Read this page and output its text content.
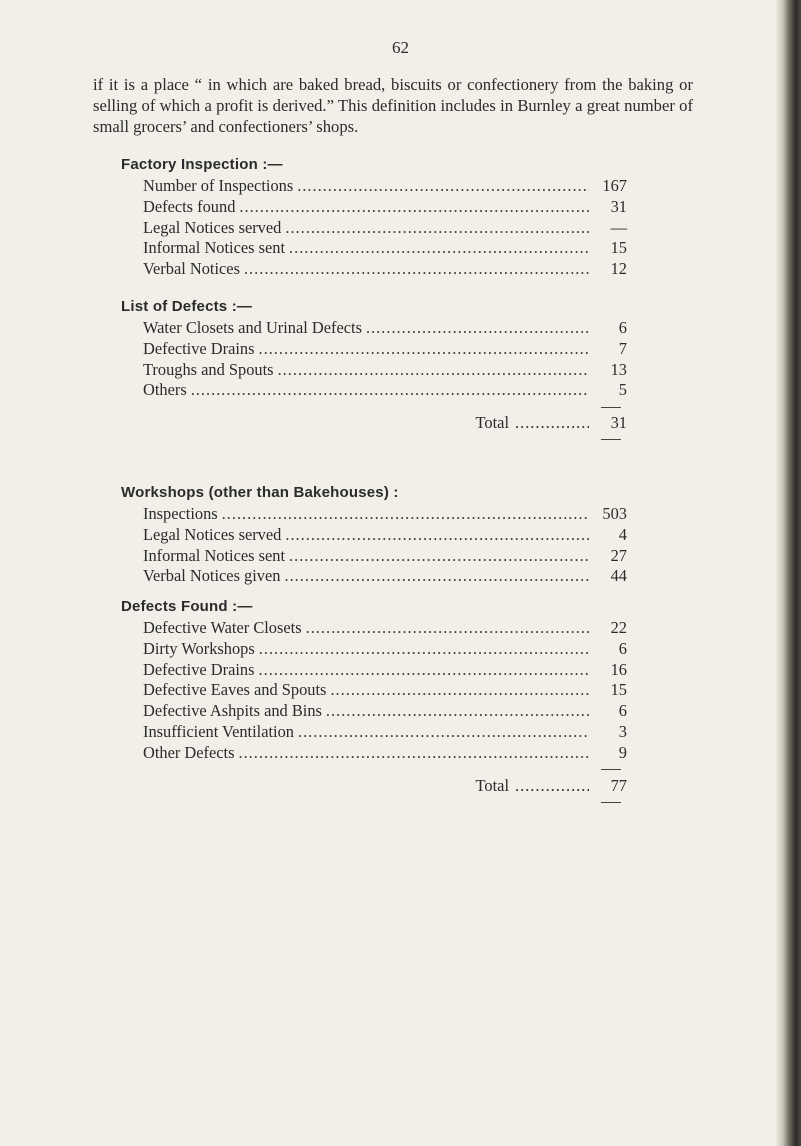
62
if it is a place “ in which are baked bread, biscuits or confectionery from the baking or selling of which a profit is derived.” This definition includes in Burnley a great number of small grocers’ and confectioners’ shops.
Factory Inspection :—
Number of Inspections .....	167
Defects found .....	31
Legal Notices served .....	—
Informal Notices sent .....	15
Verbal Notices .....	12
List of Defects :—
Water Closets and Urinal Defects .....	6
Defective Drains .....	7
Troughs and Spouts .....	13
Others .....	5
Total .....	31
Workshops (other than Bakehouses) :
Inspections .....	503
Legal Notices served .....	4
Informal Notices sent .....	27
Verbal Notices given .....	44
Defects Found :—
Defective Water Closets .....	22
Dirty Workshops .....	6
Defective Drains .....	16
Defective Eaves and Spouts .....	15
Defective Ashpits and Bins .....	6
Insufficient Ventilation .....	3
Other Defects .....	9
Total .....	77
